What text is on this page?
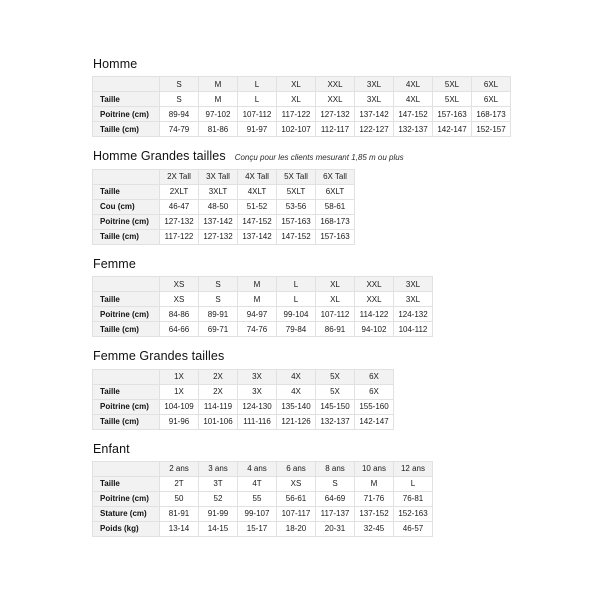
Homme
	S	M	L	XL	XXL	3XL	4XL	5XL	6XL
Taille	S	M	L	XL	XXL	3XL	4XL	5XL	6XL
Poitrine (cm)	89-94	97-102	107-112	117-122	127-132	137-142	147-152	157-163	168-173
Taille (cm)	74-79	81-86	91-97	102-107	112-117	122-127	132-137	142-147	152-157
Homme Grandes tailles Conçu pour les clients mesurant 1,85 m ou plus
	2X Tall	3X Tall	4X Tall	5X Tall	6X Tall
Taille	2XLT	3XLT	4XLT	5XLT	6XLT
Cou (cm)	46-47	48-50	51-52	53-56	58-61
Poitrine (cm)	127-132	137-142	147-152	157-163	168-173
Taille (cm)	117-122	127-132	137-142	147-152	157-163
Femme
	XS	S	M	L	XL	XXL	3XL
Taille	XS	S	M	L	XL	XXL	3XL
Poitrine (cm)	84-86	89-91	94-97	99-104	107-112	114-122	124-132
Taille (cm)	64-66	69-71	74-76	79-84	86-91	94-102	104-112
Femme Grandes tailles
	1X	2X	3X	4X	5X	6X
Taille	1X	2X	3X	4X	5X	6X
Poitrine (cm)	104-109	114-119	124-130	135-140	145-150	155-160
Taille (cm)	91-96	101-106	111-116	121-126	132-137	142-147
Enfant
	2 ans	3 ans	4 ans	6 ans	8 ans	10 ans	12 ans
Taille	2T	3T	4T	XS	S	M	L
Poitrine (cm)	50	52	55	56-61	64-69	71-76	76-81
Stature (cm)	81-91	91-99	99-107	107-117	117-137	137-152	152-163
Poids (kg)	13-14	14-15	15-17	18-20	20-31	32-45	46-57
